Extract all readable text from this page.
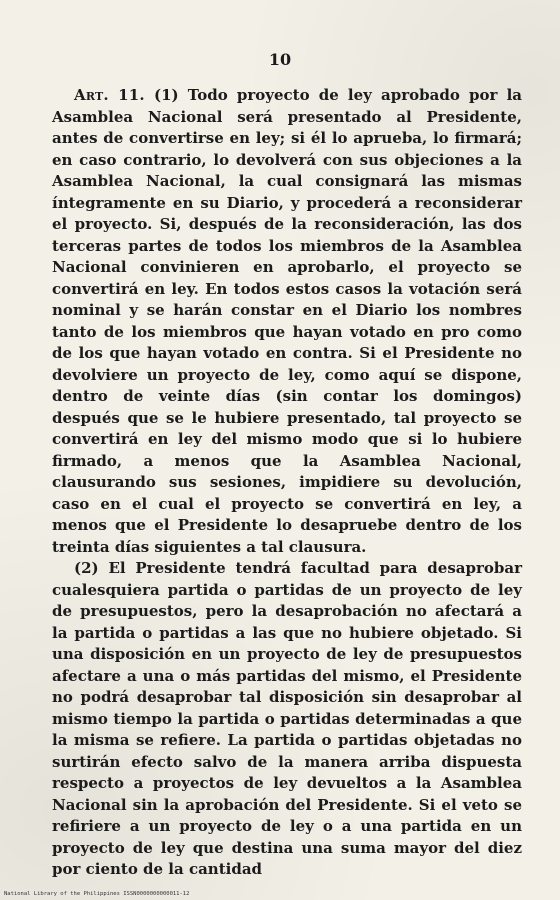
10

Art. 11. (1) Todo proyecto de ley aprobado por la Asamblea Nacional será presentado al Presidente, antes de convertirse en ley; si él lo aprueba, lo firmará; en caso contrario, lo devolverá con sus objeciones a la Asamblea Nacional, la cual consignará las mismas íntegramente en su Diario, y procederá a reconsiderar el proyecto. Si, después de la reconsideración, las dos terceras partes de todos los miembros de la Asamblea Nacional convinieren en aprobarlo, el proyecto se convertirá en ley. En todos estos casos la votación será nominal y se harán constar en el Diario los nombres tanto de los miembros que hayan votado en pro como de los que hayan votado en contra. Si el Presidente no devolviere un proyecto de ley, como aquí se dispone, dentro de veinte días (sin contar los domingos) después que se le hubiere presentado, tal proyecto se convertirá en ley del mismo modo que si lo hubiere firmado, a menos que la Asamblea Nacional, clausurando sus sesiones, impidiere su devolución, caso en el cual el proyecto se convertirá en ley, a menos que el Presidente lo desapruebe dentro de los treinta días siguientes a tal clausura.

(2) El Presidente tendrá facultad para desaprobar cualesquiera partida o partidas de un proyecto de ley de presupuestos, pero la desaprobación no afectará a la partida o partidas a las que no hubiere objetado. Si una disposición en un proyecto de ley de presupuestos afectare a una o más partidas del mismo, el Presidente no podrá desaprobar tal disposición sin desaprobar al mismo tiempo la partida o partidas determinadas a que la misma se refiere. La partida o partidas objetadas no surtirán efecto salvo de la manera arriba dispuesta respecto a proyectos de ley devueltos a la Asamblea Nacional sin la aprobación del Presidente. Si el veto se refiriere a un proyecto de ley o a una partida en un proyecto de ley que destina una suma mayor del diez por ciento de la cantidad

National Library of the Philippines ISSN0000000000011-12
